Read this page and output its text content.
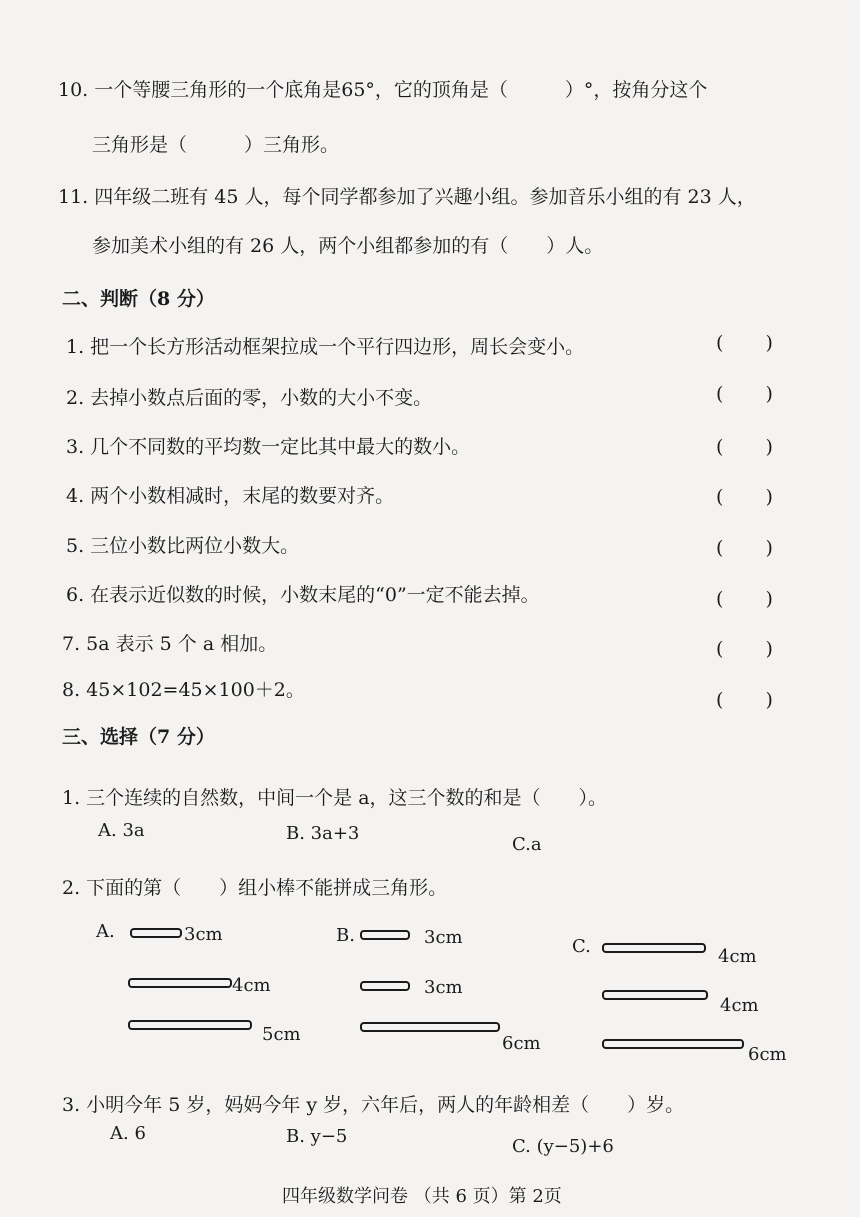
10. 一个等腰三角形的一个底角是65°，它的顶角是（　　　）°，按角分这个
三角形是（　　　）三角形。
11. 四年级二班有 45 人，每个同学都参加了兴趣小组。参加音乐小组的有 23 人，
参加美术小组的有 26 人，两个小组都参加的有（　　）人。
二、判断（8 分）
1. 把一个长方形活动框架拉成一个平行四边形，周长会变小。	( )
2. 去掉小数点后面的零，小数的大小不变。	( )
3. 几个不同数的平均数一定比其中最大的数小。	( )
4. 两个小数相减时，末尾的数要对齐。	( )
5. 三位小数比两位小数大。	( )
6. 在表示近似数的时候，小数末尾的“0”一定不能去掉。	( )
7. 5a 表示 5 个 a 相加。	( )
8. 45×102=45×100＋2。	( )
三、选择（7 分）
1. 三个连续的自然数，中间一个是 a，这三个数的和是（　　）。
A. 3a	B. 3a+3
C.a
2. 下面的第（　　）组小棒不能拼成三角形。
A.	3cm
4cm
5cm
B.	3cm
3cm
6cm
C.	4cm
4cm
6cm
3. 小明今年 5 岁，妈妈今年 y 岁，六年后，两人的年龄相差（　　）岁。
A. 6	B. y−5	C. (y−5)+6
四年级数学问卷 （共 6 页）第 2页
